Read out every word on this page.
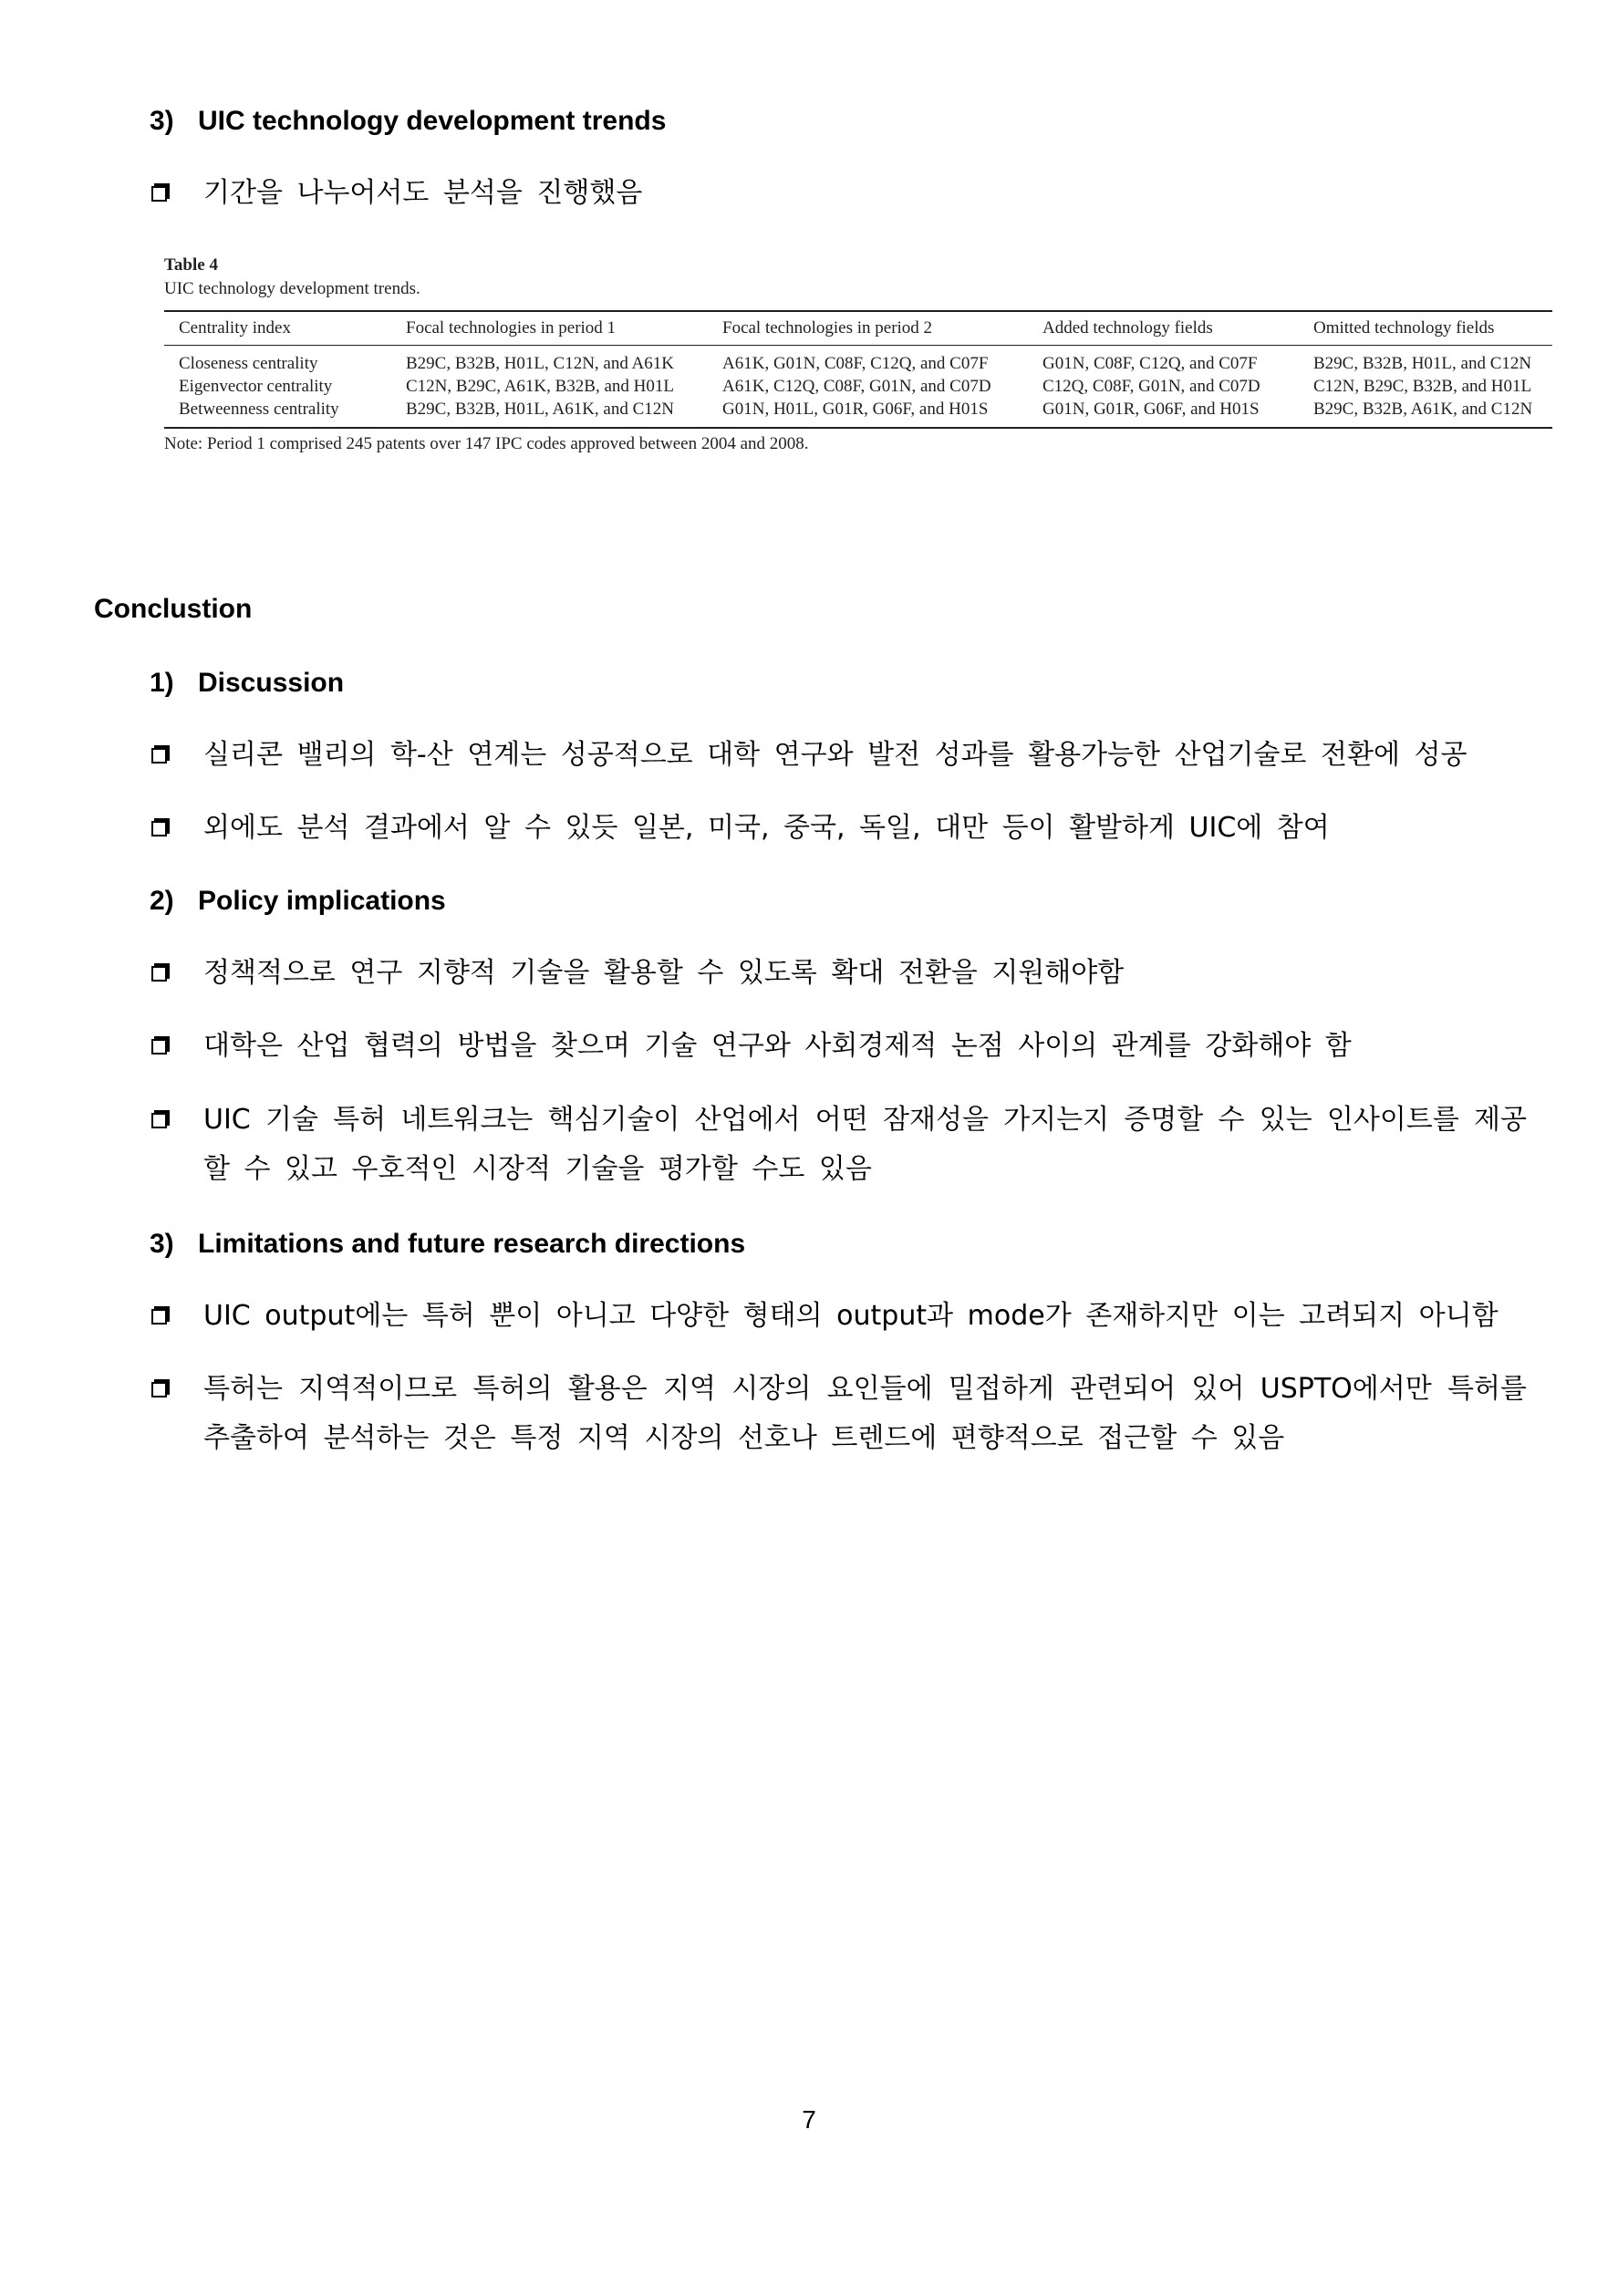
3) UIC technology development trends
기간을 나누어서도 분석을 진행했음
Table 4
UIC technology development trends.
Centrality index	Focal technologies in period 1	Focal technologies in period 2	Added technology fields	Omitted technology fields
Closeness centrality	B29C, B32B, H01L, C12N, and A61K	A61K, G01N, C08F, C12Q, and C07F	G01N, C08F, C12Q, and C07F	B29C, B32B, H01L, and C12N
Eigenvector centrality	C12N, B29C, A61K, B32B, and H01L	A61K, C12Q, C08F, G01N, and C07D	C12Q, C08F, G01N, and C07D	C12N, B29C, B32B, and H01L
Betweenness centrality	B29C, B32B, H01L, A61K, and C12N	G01N, H01L, G01R, G06F, and H01S	G01N, G01R, G06F, and H01S	B29C, B32B, A61K, and C12N
Note: Period 1 comprised 245 patents over 147 IPC codes approved between 2004 and 2008.
Conclustion
1) Discussion
실리콘 밸리의 학-산 연계는 성공적으로 대학 연구와 발전 성과를 활용가능한 산업기술로 전환에 성공
외에도 분석 결과에서 알 수 있듯 일본, 미국, 중국, 독일, 대만 등이 활발하게 UIC에 참여
2) Policy implications
정책적으로 연구 지향적 기술을 활용할 수 있도록 확대 전환을 지원해야함
대학은 산업 협력의 방법을 찾으며 기술 연구와 사회경제적 논점 사이의 관계를 강화해야 함
UIC 기술 특허 네트워크는 핵심기술이 산업에서 어떤 잠재성을 가지는지 증명할 수 있는 인사이트를 제공할 수 있고 우호적인 시장적 기술을 평가할 수도 있음
3) Limitations and future research directions
UIC output에는 특허 뿐이 아니고 다양한 형태의 output과 mode가 존재하지만 이는 고려되지 아니함
특허는 지역적이므로 특허의 활용은 지역 시장의 요인들에 밀접하게 관련되어 있어 USPTO에서만 특허를 추출하여 분석하는 것은 특정 지역 시장의 선호나 트렌드에 편향적으로 접근할 수 있음
7
